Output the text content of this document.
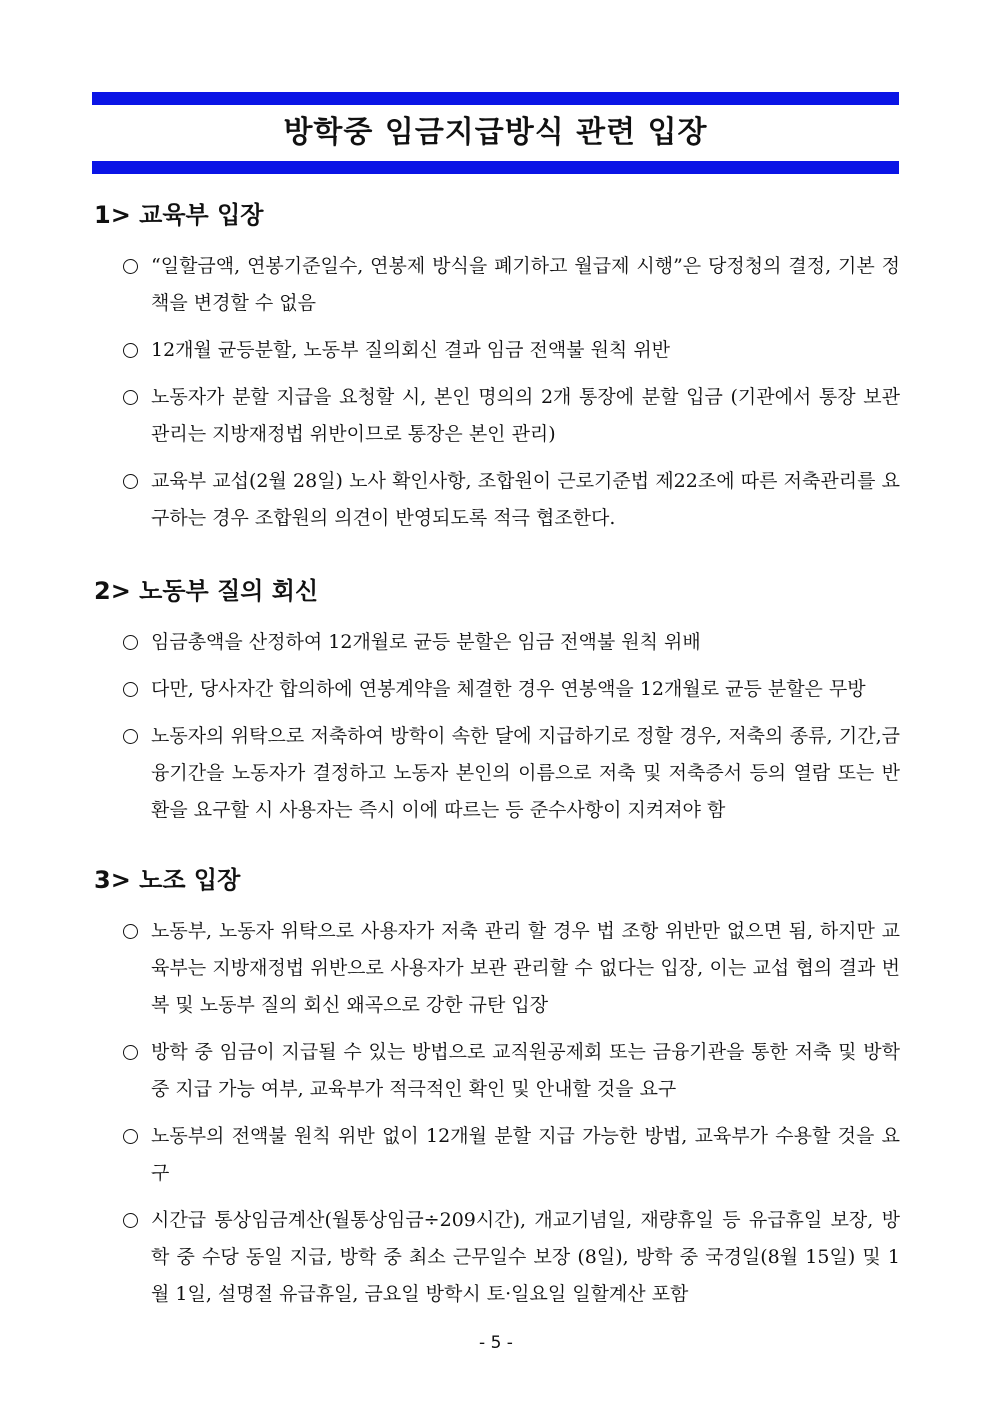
방학중 임금지급방식 관련 입장
1> 교육부 입장

“일할금액, 연봉기준일수, 연봉제 방식을 폐기하고 월급제 시행”은 당정청의 결정, 기본 정책을 변경할 수 없음

12개월 균등분할, 노동부 질의회신 결과 임금 전액불 원칙 위반

노동자가 분할 지급을 요청할 시, 본인 명의의 2개 통장에 분할 입금 (기관에서 통장 보관 관리는 지방재정법 위반이므로 통장은 본인 관리)

교육부 교섭(2월 28일) 노사 확인사항, 조합원이 근로기준법 제22조에 따른 저축관리를 요구하는 경우 조합원의 의견이 반영되도록 적극 협조한다.

2> 노동부 질의 회신

임금총액을 산정하여 12개월로 균등 분할은 임금 전액불 원칙 위배

다만, 당사자간 합의하에 연봉계약을 체결한 경우 연봉액을 12개월로 균등 분할은 무방

노동자의 위탁으로 저축하여 방학이 속한 달에 지급하기로 정할 경우, 저축의 종류, 기간,금융기간을 노동자가 결정하고 노동자 본인의 이름으로 저축 및 저축증서 등의 열람 또는 반환을 요구할 시 사용자는 즉시 이에 따르는 등 준수사항이 지켜져야 함

3> 노조 입장

노동부, 노동자 위탁으로 사용자가 저축 관리 할 경우 법 조항 위반만 없으면 됨, 하지만 교육부는 지방재정법 위반으로 사용자가 보관 관리할 수 없다는 입장, 이는 교섭 협의 결과 번복 및 노동부 질의 회신 왜곡으로 강한 규탄 입장

방학 중 임금이 지급될 수 있는 방법으로 교직원공제회 또는 금융기관을 통한 저축 및 방학 중 지급 가능 여부, 교육부가 적극적인 확인 및 안내할 것을 요구

노동부의 전액불 원칙 위반 없이 12개월 분할 지급 가능한 방법, 교육부가 수용할 것을 요구

시간급 통상임금계산(월통상임금÷209시간), 개교기념일, 재량휴일 등 유급휴일 보장, 방학 중 수당 동일 지급, 방학 중 최소 근무일수 보장 (8일), 방학 중 국경일(8월 15일) 및 1월 1일, 설명절 유급휴일, 금요일 방학시 토·일요일 일할계산 포함

- 5 -
